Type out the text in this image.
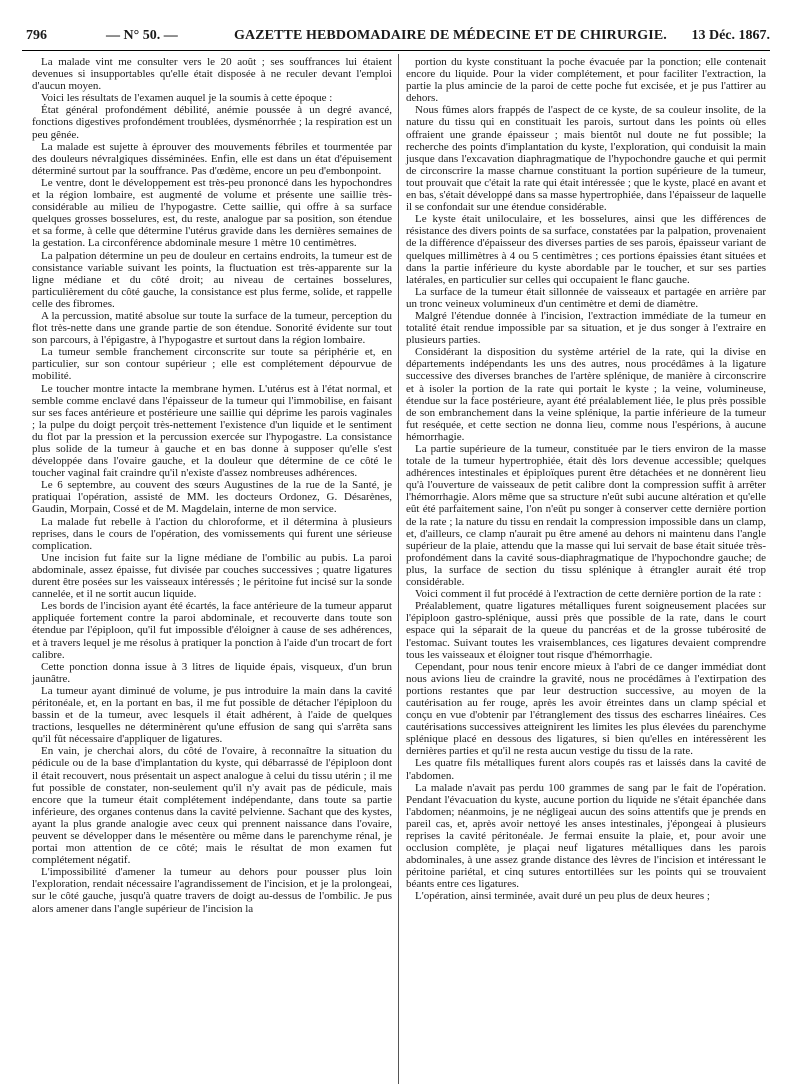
796	— N° 50. —	GAZETTE HEBDOMADAIRE DE MÉDECINE ET DE CHIRURGIE. 13 Déc. 1867.

La malade vint me consulter vers le 20 août ; ses souffrances lui étaient devenues si insupportables qu'elle était disposée à ne reculer devant l'emploi d'aucun moyen.

Voici les résultats de l'examen auquel je la soumis à cette époque :

État général profondément débilité, anémie poussée à un degré avancé, fonctions digestives profondément troublées, dysménorrhée ; la respiration est un peu gênée.

La malade est sujette à éprouver des mouvements fébriles et tourmentée par des douleurs névralgiques disséminées. Enfin, elle est dans un état d'épuisement déterminé surtout par la souffrance. Pas d'œdème, encore un peu d'embonpoint.

Le ventre, dont le développement est très-peu prononcé dans les hypochondres et la région lombaire, est augmenté de volume et présente une saillie très-considérable au milieu de l'hypogastre. Cette saillie, qui offre à sa surface quelques grosses bosselures, est, du reste, analogue par sa position, son étendue et sa forme, à celle que détermine l'utérus gravide dans les dernières semaines de la gestation. La circonférence abdominale mesure 1 mètre 10 centimètres.

La palpation détermine un peu de douleur en certains endroits, la tumeur est de consistance variable suivant les points, la fluctuation est très-apparente sur la ligne médiane et du côté droit; au niveau de certaines bosselures, particulièrement du côté gauche, la consistance est plus ferme, solide, et rappelle celle des fibromes.

A la percussion, matité absolue sur toute la surface de la tumeur, perception du flot très-nette dans une grande partie de son étendue. Sonorité évidente sur tout son parcours, à l'épigastre, à l'hypogastre et surtout dans la région lombaire.

La tumeur semble franchement circonscrite sur toute sa périphérie et, en particulier, sur son contour supérieur ; elle est complétement dépourvue de mobilité.

Le toucher montre intacte la membrane hymen. L'utérus est à l'état normal, et semble comme enclavé dans l'épaisseur de la tumeur qui l'immobilise, en faisant sur ses faces antérieure et postérieure une saillie qui déprime les parois vaginales ; la pulpe du doigt perçoit très-nettement l'existence d'un liquide et le sentiment du flot par la pression et la percussion exercée sur l'hypogastre. La consistance plus solide de la tumeur à gauche et en bas donne à supposer qu'elle s'est développée dans l'ovaire gauche, et la douleur que détermine de ce côté le toucher vaginal fait craindre qu'il n'existe d'assez nombreuses adhérences.

Le 6 septembre, au couvent des sœurs Augustines de la rue de la Santé, je pratiquai l'opération, assisté de MM. les docteurs Ordonez, G. Désarènes, Gaudin, Morpain, Cossé et de M. Magdelain, interne de mon service.

La malade fut rebelle à l'action du chloroforme, et il détermina à plusieurs reprises, dans le cours de l'opération, des vomissements qui furent une sérieuse complication.

Une incision fut faite sur la ligne médiane de l'ombilic au pubis. La paroi abdominale, assez épaisse, fut divisée par couches successives ; quatre ligatures durent être posées sur les vaisseaux intéressés ; le péritoine fut incisé sur la sonde cannelée, et il ne sortit aucun liquide.

Les bords de l'incision ayant été écartés, la face antérieure de la tumeur apparut appliquée fortement contre la paroi abdominale, et recouverte dans toute son étendue par l'épiploon, qu'il fut impossible d'éloigner à cause de ses adhérences, et à travers lequel je me résolus à pratiquer la ponction à l'aide d'un trocart de fort calibre.

Cette ponction donna issue à 3 litres de liquide épais, visqueux, d'un brun jaunâtre.

La tumeur ayant diminué de volume, je pus introduire la main dans la cavité péritonéale, et, en la portant en bas, il me fut possible de détacher l'épiploon du bassin et de la tumeur, avec lesquels il était adhérent, à l'aide de quelques tractions, lesquelles ne déterminèrent qu'une effusion de sang qui s'arrêta sans qu'il fût nécessaire d'appliquer de ligatures.

En vain, je cherchai alors, du côté de l'ovaire, à reconnaître la situation du pédicule ou de la base d'implantation du kyste, qui débarrassé de l'épiploon dont il était recouvert, nous présentait un aspect analogue à celui du tissu utérin ; il me fut possible de constater, non-seulement qu'il n'y avait pas de pédicule, mais encore que la tumeur était complétement indépendante, dans toute sa partie inférieure, des organes contenus dans la cavité pelvienne. Sachant que des kystes, ayant la plus grande analogie avec ceux qui prennent naissance dans l'ovaire, peuvent se développer dans le mésentère ou même dans le parenchyme rénal, je portai mon attention de ce côté; mais le résultat de mon examen fut complétement négatif.

L'impossibilité d'amener la tumeur au dehors pour pousser plus loin l'exploration, rendait nécessaire l'agrandissement de l'incision, et je la prolongeai, sur le côté gauche, jusqu'à quatre travers de doigt au-dessus de l'ombilic. Je pus alors amener dans l'angle supérieur de l'incision la

portion du kyste constituant la poche évacuée par la ponction; elle contenait encore du liquide. Pour la vider complétement, et pour faciliter l'extraction, la partie la plus amincie de la paroi de cette poche fut excisée, et je pus l'attirer au dehors.

Nous fûmes alors frappés de l'aspect de ce kyste, de sa couleur insolite, de la nature du tissu qui en constituait les parois, surtout dans les points où elles offraient une grande épaisseur ; mais bientôt nul doute ne fut possible; la recherche des points d'implantation du kyste, l'exploration, qui conduisit la main jusque dans l'excavation diaphragmatique de l'hypochondre gauche et qui permit de circonscrire la masse charnue constituant la portion supérieure de la tumeur, tout prouvait que c'était la rate qui était intéressée ; que le kyste, placé en avant et en bas, s'était développé dans sa masse hypertrophiée, dans l'épaisseur de laquelle il se confondait sur une étendue considérable.

Le kyste était uniloculaire, et les bosselures, ainsi que les différences de résistance des divers points de sa surface, constatées par la palpation, provenaient de la différence d'épaisseur des diverses parties de ses parois, épaisseur variant de quelques millimètres à 4 ou 5 centimètres ; ces portions épaissies étant situées et dans la partie inférieure du kyste abordable par le toucher, et sur ses parties latérales, en particulier sur celles qui occupaient le flanc gauche.

La surface de la tumeur était sillonnée de vaisseaux et partagée en arrière par un tronc veineux volumineux d'un centimètre et demi de diamètre.

Malgré l'étendue donnée à l'incision, l'extraction immédiate de la tumeur en totalité était rendue impossible par sa situation, et je dus songer à l'extraire en plusieurs parties.

Considérant la disposition du système artériel de la rate, qui la divise en départements indépendants les uns des autres, nous procédâmes à la ligature successive des diverses branches de l'artère splénique, de manière à circonscrire et à isoler la portion de la rate qui portait le kyste ; la veine, volumineuse, étendue sur la face postérieure, ayant été préalablement liée, le plus près possible de son embranchement dans la veine splénique, la partie inférieure de la tumeur fut reséquée, et cette section ne donna lieu, comme nous l'espérions, à aucune hémorrhagie.

La partie supérieure de la tumeur, constituée par le tiers environ de la masse totale de la tumeur hypertrophiée, était dès lors devenue accessible; quelques adhérences intestinales et épiploïques purent être détachées et ne donnèrent lieu qu'à l'ouverture de vaisseaux de petit calibre dont la compression suffit à arrêter l'hémorrhagie. Alors même que sa structure n'eût subi aucune altération et qu'elle eût été parfaitement saine, l'on n'eût pu songer à conserver cette dernière portion de la rate ; la nature du tissu en rendait la compression impossible dans un clamp, et, d'ailleurs, ce clamp n'aurait pu être amené au dehors ni maintenu dans l'angle supérieur de la plaie, attendu que la masse qui lui servait de base était située très-profondément dans la cavité sous-diaphragmatique de l'hypochondre gauche; de plus, la surface de section du tissu splénique à étrangler aurait été trop considérable.

Voici comment il fut procédé à l'extraction de cette dernière portion de la rate :

Préalablement, quatre ligatures métalliques furent soigneusement placées sur l'épiploon gastro-splénique, aussi près que possible de la rate, dans le court espace qui la séparait de la queue du pancréas et de la grosse tubérosité de l'estomac. Suivant toutes les vraisemblances, ces ligatures devaient comprendre tous les vaisseaux et éloigner tout risque d'hémorrhagie.

Cependant, pour nous tenir encore mieux à l'abri de ce danger immédiat dont nous avions lieu de craindre la gravité, nous ne procédâmes à l'extirpation des portions restantes que par leur destruction successive, au moyen de la cautérisation au fer rouge, après les avoir étreintes dans un clamp spécial et conçu en vue d'obtenir par l'étranglement des tissus des escharres linéaires. Ces cautérisations successives atteignirent les limites les plus élevées du parenchyme splénique placé en dessous des ligatures, si bien qu'elles en intéressèrent les dernières parties et qu'il ne resta aucun vestige du tissu de la rate.

Les quatre fils métalliques furent alors coupés ras et laissés dans la cavité de l'abdomen.

La malade n'avait pas perdu 100 grammes de sang par le fait de l'opération. Pendant l'évacuation du kyste, aucune portion du liquide ne s'était épanchée dans l'abdomen; néanmoins, je ne négligeai aucun des soins attentifs que je prends en pareil cas, et, après avoir nettoyé les anses intestinales, j'épongeai à plusieurs reprises la cavité péritonéale. Je fermai ensuite la plaie, et, pour avoir une occlusion complète, je plaçai neuf ligatures métalliques dans les parois abdominales, à une assez grande distance des lèvres de l'incision et intéressant le péritoine pariétal, et cinq sutures entortillées sur les points qui se trouvaient béants entre ces ligatures.

L'opération, ainsi terminée, avait duré un peu plus de deux heures ;
